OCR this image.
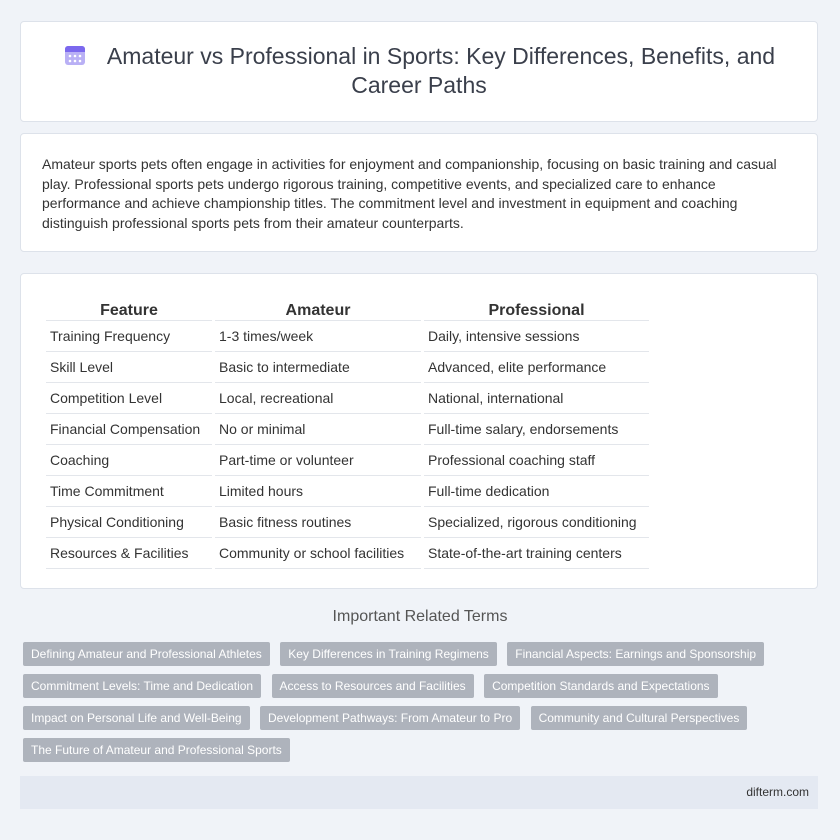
Amateur vs Professional in Sports: Key Differences, Benefits, and Career Paths

Amateur sports pets often engage in activities for enjoyment and companionship, focusing on basic training and casual play. Professional sports pets undergo rigorous training, competitive events, and specialized care to enhance performance and achieve championship titles. The commitment level and investment in equipment and coaching distinguish professional sports pets from their amateur counterparts.

Feature	Amateur	Professional
Training Frequency	1-3 times/week	Daily, intensive sessions
Skill Level	Basic to intermediate	Advanced, elite performance
Competition Level	Local, recreational	National, international
Financial Compensation	No or minimal	Full-time salary, endorsements
Coaching	Part-time or volunteer	Professional coaching staff
Time Commitment	Limited hours	Full-time dedication
Physical Conditioning	Basic fitness routines	Specialized, rigorous conditioning
Resources & Facilities	Community or school facilities	State-of-the-art training centers
Important Related Terms
Defining Amateur and Professional Athletes Key Differences in Training Regimens Financial Aspects: Earnings and Sponsorship Commitment Levels: Time and Dedication Access to Resources and Facilities Competition Standards and Expectations Impact on Personal Life and Well-Being Development Pathways: From Amateur to Pro Community and Cultural Perspectives The Future of Amateur and Professional Sports
difterm.com
